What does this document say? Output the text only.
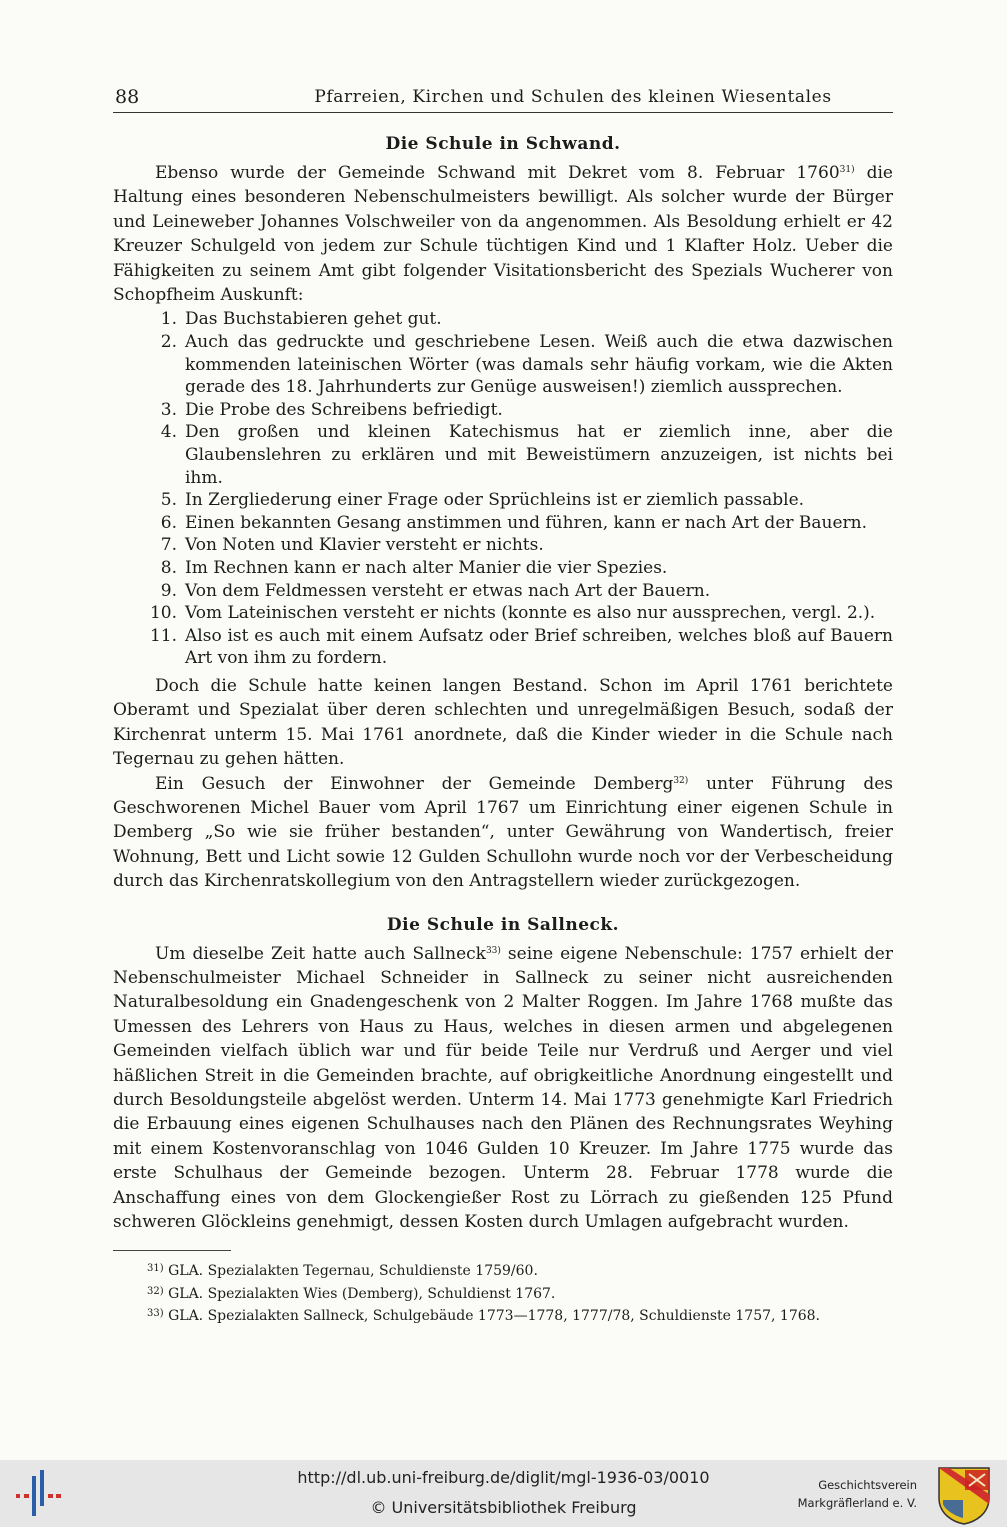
88	Pfarreien, Kirchen und Schulen des kleinen Wiesentales
Die Schule in Schwand.

Ebenso wurde der Gemeinde Schwand mit Dekret vom 8. Februar 1760$^{31)}$ die Haltung eines besonderen Nebenschulmeisters bewilligt. Als solcher wurde der Bürger und Leineweber Johannes Volschweiler von da angenommen. Als Besoldung erhielt er 42 Kreuzer Schulgeld von jedem zur Schule tüchtigen Kind und 1 Klafter Holz. Ueber die Fähigkeiten zu seinem Amt gibt folgender Visitationsbericht des Spezials Wucherer von Schopfheim Auskunft:

1. Das Buchstabieren gehet gut.
2. Auch das gedruckte und geschriebene Lesen. Weiß auch die etwa dazwischen kommenden lateinischen Wörter (was damals sehr häufig vorkam, wie die Akten gerade des 18. Jahrhunderts zur Genüge ausweisen!) ziemlich aussprechen.
3. Die Probe des Schreibens befriedigt.
4. Den großen und kleinen Katechismus hat er ziemlich inne, aber die Glaubenslehren zu erklären und mit Beweistümern anzuzeigen, ist nichts bei ihm.
5. In Zergliederung einer Frage oder Sprüchleins ist er ziemlich passable.
6. Einen bekannten Gesang anstimmen und führen, kann er nach Art der Bauern.
7. Von Noten und Klavier versteht er nichts.
8. Im Rechnen kann er nach alter Manier die vier Spezies.
9. Von dem Feldmessen versteht er etwas nach Art der Bauern.
10. Vom Lateinischen versteht er nichts (konnte es also nur aussprechen, vergl. 2.).
11. Also ist es auch mit einem Aufsatz oder Brief schreiben, welches bloß auf Bauern Art von ihm zu fordern.

Doch die Schule hatte keinen langen Bestand. Schon im April 1761 berichtete Oberamt und Spezialat über deren schlechten und unregelmäßigen Besuch, sodaß der Kirchenrat unterm 15. Mai 1761 anordnete, daß die Kinder wieder in die Schule nach Tegernau zu gehen hätten.

Ein Gesuch der Einwohner der Gemeinde Demberg$^{32)}$ unter Führung des Geschworenen Michel Bauer vom April 1767 um Einrichtung einer eigenen Schule in Demberg „So wie sie früher bestanden“, unter Gewährung von Wandertisch, freier Wohnung, Bett und Licht sowie 12 Gulden Schullohn wurde noch vor der Verbescheidung durch das Kirchenratskollegium von den Antragstellern wieder zurückgezogen.

Die Schule in Sallneck.

Um dieselbe Zeit hatte auch Sallneck$^{33)}$ seine eigene Nebenschule: 1757 erhielt der Nebenschulmeister Michael Schneider in Sallneck zu seiner nicht ausreichenden Naturalbesoldung ein Gnadengeschenk von 2 Malter Roggen. Im Jahre 1768 mußte das Umessen des Lehrers von Haus zu Haus, welches in diesen armen und abgelegenen Gemeinden vielfach üblich war und für beide Teile nur Verdruß und Aerger und viel häßlichen Streit in die Gemeinden brachte, auf obrigkeitliche Anordnung eingestellt und durch Besoldungsteile abgelöst werden. Unterm 14. Mai 1773 genehmigte Karl Friedrich die Erbauung eines eigenen Schulhauses nach den Plänen des Rechnungsrates Weyhing mit einem Kostenvoranschlag von 1046 Gulden 10 Kreuzer. Im Jahre 1775 wurde das erste Schulhaus der Gemeinde bezogen. Unterm 28. Februar 1778 wurde die Anschaffung eines von dem Glockengießer Rost zu Lörrach zu gießenden 125 Pfund schweren Glöckleins genehmigt, dessen Kosten durch Umlagen aufgebracht wurden.

$^{31)}$ GLA. Spezialakten Tegernau, Schuldienste 1759/60.
$^{32)}$ GLA. Spezialakten Wies (Demberg), Schuldienst 1767.
$^{33)}$ GLA. Spezialakten Sallneck, Schulgebäude 1773—1778, 1777/78, Schuldienste 1757, 1768.
http://dl.ub.uni-freiburg.de/diglit/mgl-1936-03/0010
© Universitätsbibliothek Freiburg
Geschichtsverein
Markgräflerland e. V.
